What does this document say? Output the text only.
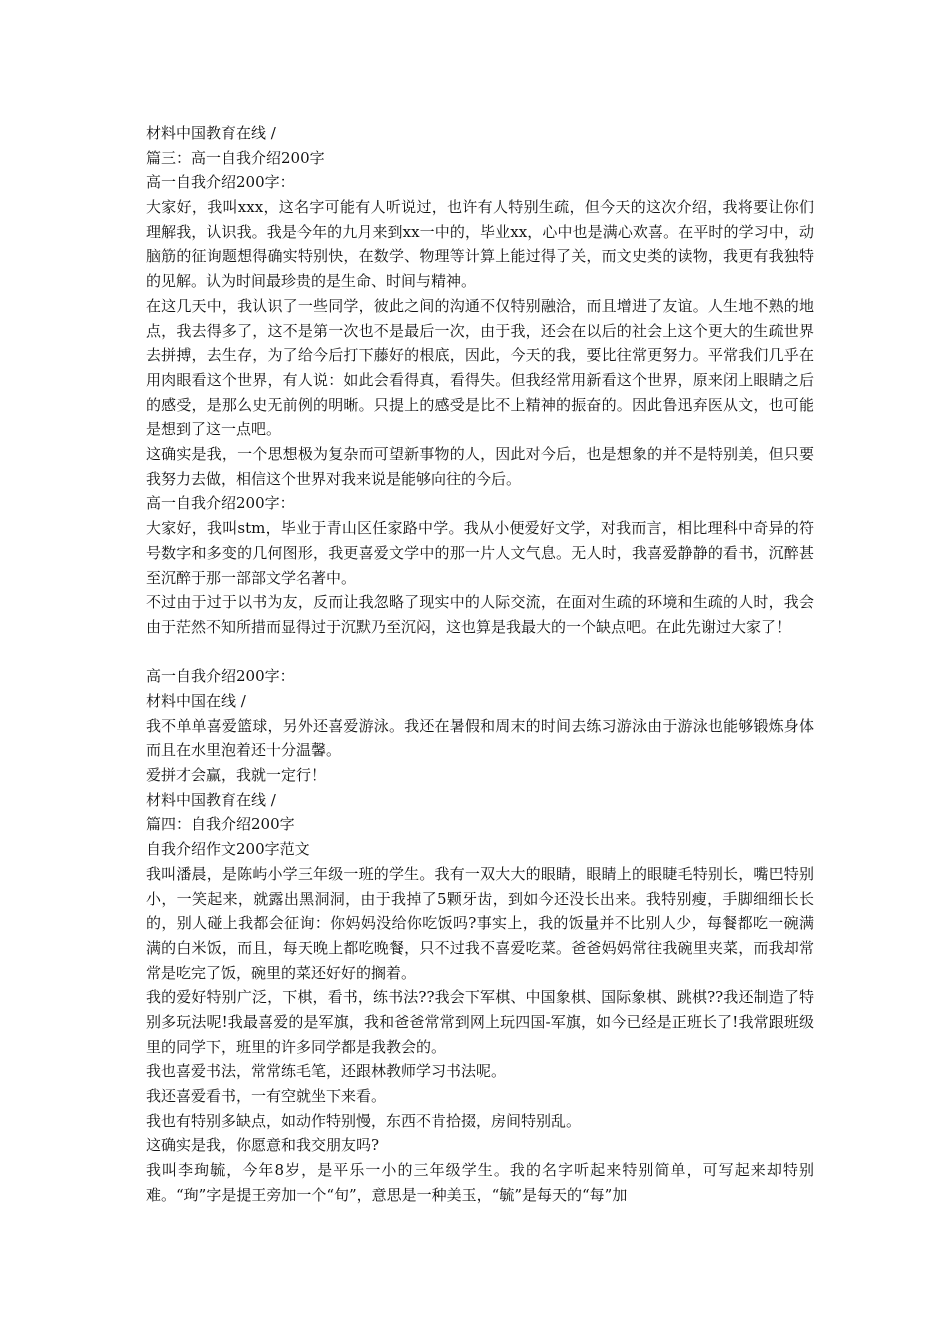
材料中国教育在线 /
篇三：高一自我介绍200字
高一自我介绍200字：
大家好，我叫xxx，这名字可能有人听说过，也许有人特别生疏，但今天的这次介绍，我将要让你们理解我，认识我。我是今年的九月来到xx一中的，毕业xx，心中也是满心欢喜。在平时的学习中，动脑筋的征询题想得确实特别快，在数学、物理等计算上能过得了关，而文史类的读物，我更有我独特的见解。认为时间最珍贵的是生命、时间与精神。
在这几天中，我认识了一些同学，彼此之间的沟通不仅特别融洽，而且增进了友谊。人生地不熟的地点，我去得多了，这不是第一次也不是最后一次，由于我，还会在以后的社会上这个更大的生疏世界去拼搏，去生存，为了给今后打下藤好的根底，因此，今天的我，要比往常更努力。平常我们几乎在用肉眼看这个世界，有人说：如此会看得真，看得失。但我经常用新看这个世界，原来闭上眼睛之后的感受，是那么史无前例的明晰。只提上的感受是比不上精神的振奋的。因此鲁迅弃医从文，也可能是想到了这一点吧。
这确实是我，一个思想极为复杂而可望新事物的人，因此对今后，也是想象的并不是特别美，但只要我努力去做，相信这个世界对我来说是能够向往的今后。
高一自我介绍200字：
大家好，我叫stm，毕业于青山区任家路中学。我从小便爱好文学，对我而言，相比理科中奇异的符号数字和多变的几何图形，我更喜爱文学中的那一片人文气息。无人时，我喜爱静静的看书，沉醉甚至沉醉于那一部部文学名著中。
不过由于过于以书为友，反而让我忽略了现实中的人际交流，在面对生疏的环境和生疏的人时，我会由于茫然不知所措而显得过于沉默乃至沉闷，这也算是我最大的一个缺点吧。在此先谢过大家了！
高一自我介绍200字：
材料中国在线 /
我不单单喜爱篮球，另外还喜爱游泳。我还在暑假和周末的时间去练习游泳由于游泳也能够锻炼身体而且在水里泡着还十分温馨。
爱拼才会赢，我就一定行！
材料中国教育在线 /
篇四：自我介绍200字
自我介绍作文200字范文
我叫潘晨，是陈屿小学三年级一班的学生。我有一双大大的眼睛，眼睛上的眼睫毛特别长，嘴巴特别小，一笑起来，就露出黑洞洞，由于我掉了5颗牙齿，到如今还没长出来。我特别瘦，手脚细细长长的，别人碰上我都会征询：你妈妈没给你吃饭吗?事实上，我的饭量并不比别人少，每餐都吃一碗满满的白米饭，而且，每天晚上都吃晚餐，只不过我不喜爱吃菜。爸爸妈妈常往我碗里夹菜，而我却常常是吃完了饭，碗里的菜还好好的搁着。
我的爱好特别广泛，下棋，看书，练书法??我会下军棋、中国象棋、国际象棋、跳棋??我还制造了特别多玩法呢!我最喜爱的是军旗，我和爸爸常常到网上玩四国-军旗，如今已经是正班长了!我常跟班级里的同学下，班里的许多同学都是我教会的。
我也喜爱书法，常常练毛笔，还跟林教师学习书法呢。
我还喜爱看书，一有空就坐下来看。
我也有特别多缺点，如动作特别慢，东西不肯拾掇，房间特别乱。
这确实是我，你愿意和我交朋友吗?
我叫李珣毓，今年8岁，是平乐一小的三年级学生。我的名字听起来特别简单，可写起来却特别难。“珣”字是提王旁加一个“旬”，意思是一种美玉，“毓”是每天的“每”加
